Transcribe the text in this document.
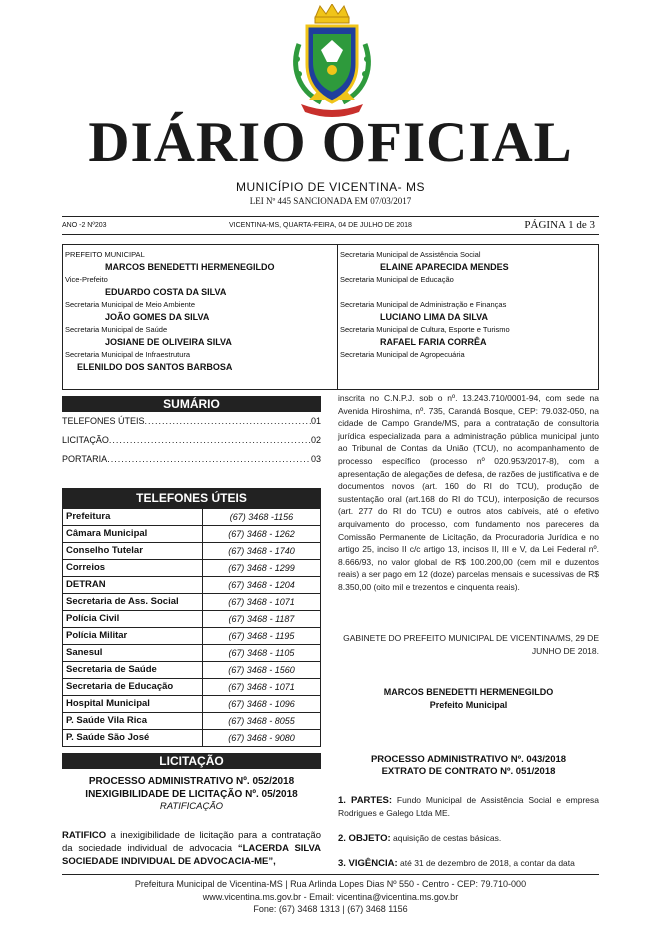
DIÁRIO OFICIAL
MUNICÍPIO DE VICENTINA- MS
LEI Nº 445 SANCIONADA EM 07/03/2017
ANO -2 Nº203	VICENTINA-MS, QUARTA-FEIRA, 04 DE JULHO DE 2018	PÁGINA 1 de 3
PREFEITO MUNICIPAL
MARCOS BENEDETTI HERMENEGILDO
Vice-Prefeito
EDUARDO COSTA DA SILVA
Secretaria Municipal de Meio Ambiente
JOÃO GOMES DA SILVA
Secretaria Municipal de Saúde
JOSIANE DE OLIVEIRA SILVA
Secretaria Municipal de Infraestrutura
ELENILDO DOS SANTOS BARBOSA
Secretaria Municipal de Assistência Social
ELAINE APARECIDA MENDES
Secretaria Municipal de Educação
Secretaria Municipal de Administração e Finanças
LUCIANO LIMA DA SILVA
Secretaria Municipal de Cultura, Esporte e Turismo
RAFAEL FARIA CORRÊA
Secretaria Municipal de Agropecuária
SUMÁRIO
TELEFONES ÚTEIS .....	01
LICITAÇÃO .....	02
PORTARIA .....	03
TELEFONES ÚTEIS
Prefeitura	(67) 3468 -1156
Câmara Municipal	(67) 3468 - 1262
Conselho Tutelar	(67) 3468 - 1740
Correios	(67) 3468 - 1299
DETRAN	(67) 3468 - 1204
Secretaria de Ass. Social	(67) 3468 - 1071
Polícia Civil	(67) 3468 - 1187
Polícia Militar	(67) 3468 - 1195
Sanesul	(67) 3468 - 1105
Secretaria de Saúde	(67) 3468 - 1560
Secretaria de Educação	(67) 3468 - 1071
Hospital Municipal	(67) 3468 - 1096
P. Saúde Vila Rica	(67) 3468 - 8055
P. Saúde São José	(67) 3468 - 9080
LICITAÇÃO
PROCESSO ADMINISTRATIVO Nº. 052/2018
INEXIGIBILIDADE DE LICITAÇÃO Nº. 05/2018
RATIFICAÇÃO
RATIFICO a inexigibilidade de licitação para a contratação da sociedade individual de advocacia “LACERDA SILVA SOCIEDADE INDIVIDUAL DE ADVOCACIA-ME”,
inscrita no C.N.P.J. sob o nº. 13.243.710/0001-94, com sede na Avenida Hiroshima, nº. 735, Carandá Bosque, CEP: 79.032-050, na cidade de Campo Grande/MS, para a contratação de consultoria jurídica especializada para a administração pública municipal junto ao Tribunal de Contas da União (TCU), no acompanhamento de processo específico (processo nº 020.953/2017-8), com a apresentação de alegações de defesa, de razões de justificativa e de documentos novos (art. 160 do RI do TCU), produção de sustentação oral (art.168 do RI do TCU), interposição de recursos (art. 277 do RI do TCU) e outros atos cabíveis, até o efetivo arquivamento do processo, com fundamento nos pareceres da Comissão Permanente de Licitação, da Procuradoria Jurídica e no artigo 25, inciso II c/c artigo 13, incisos II, III e V, da Lei Federal nº. 8.666/93, no valor global de R$ 100.200,00 (cem mil e duzentos reais) a ser pago em 12 (doze) parcelas mensais e sucessivas de R$ 8.350,00 (oito mil e trezentos e cinquenta reais).
GABINETE DO PREFEITO MUNICIPAL DE VICENTINA/MS, 29 DE JUNHO DE 2018.
MARCOS BENEDETTI HERMENEGILDO
Prefeito Municipal
PROCESSO ADMINISTRATIVO Nº. 043/2018
EXTRATO DE CONTRATO Nº. 051/2018
1. PARTES: Fundo Municipal de Assistência Social e empresa Rodrigues e Galego Ltda ME.
2. OBJETO: aquisição de cestas básicas.
3. VIGÊNCIA: até 31 de dezembro de 2018, a contar da data
Prefeitura Municipal de Vicentina-MS | Rua Arlinda Lopes Dias Nº 550 - Centro - CEP: 79.710-000
www.vicentina.ms.gov.br - Email: vicentina@vicentina.ms.gov.br
Fone: (67) 3468 1313 | (67) 3468 1156
